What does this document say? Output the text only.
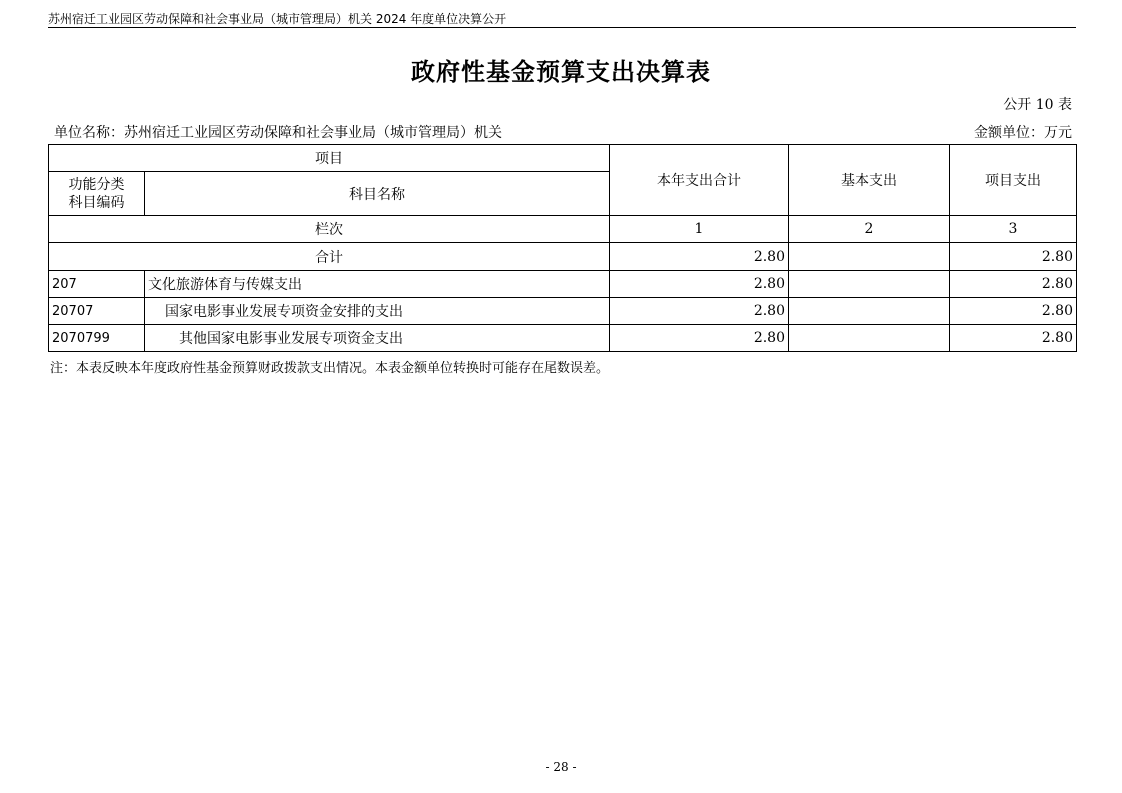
苏州宿迁工业园区劳动保障和社会事业局（城市管理局）机关 2024 年度单位决算公开
政府性基金预算支出决算表
公开 10 表
单位名称：苏州宿迁工业园区劳动保障和社会事业局（城市管理局）机关	金额单位：万元
项目		本年支出合计	基本支出	项目支出

功能分类
科目编码	科目名称			
栏次		1	2	3
合计		2.80		2.80
207	文化旅游体育与传媒支出	2.80		2.80
20707	国家电影事业发展专项资金安排的支出	2.80		2.80
2070799	其他国家电影事业发展专项资金支出	2.80		2.80
注：本表反映本年度政府性基金预算财政拨款支出情况。本表金额单位转换时可能存在尾数误差。
- 28 -
